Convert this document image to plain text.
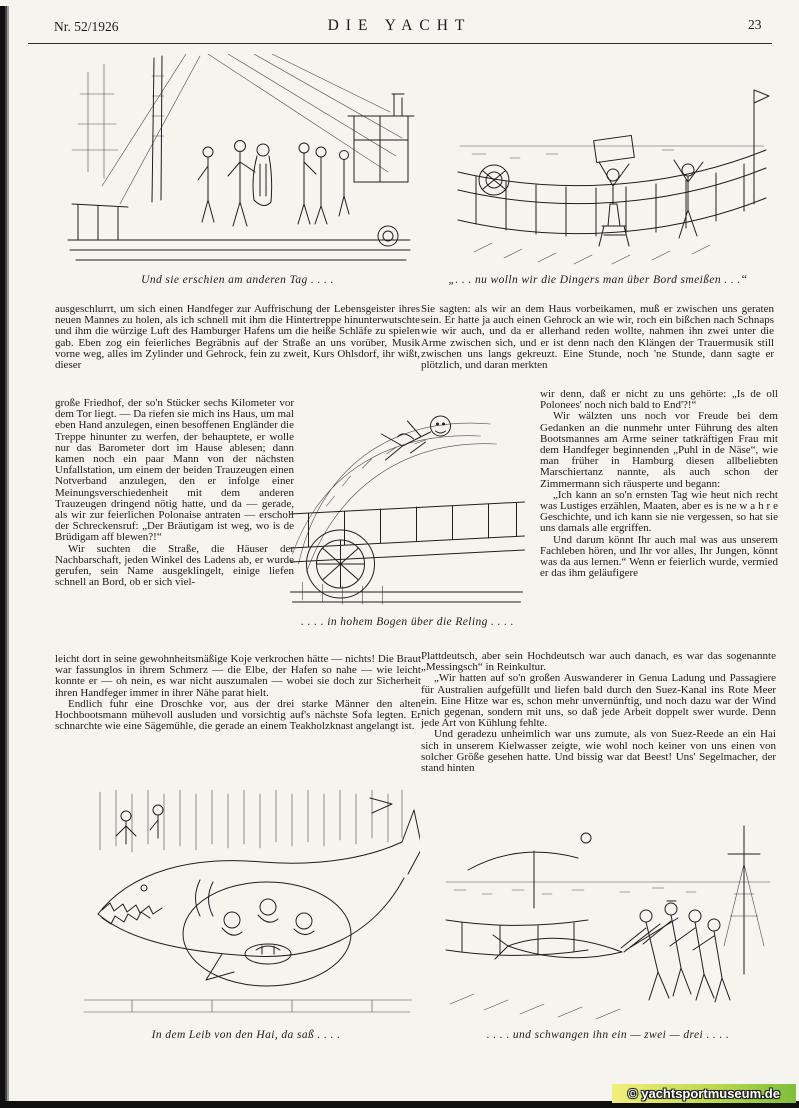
Nr. 52/1926	DIE YACHT	23
Und sie erschien am anderen Tag . . . .	„. . . nu wolln wir die Dingers man über Bord smeißen . . .“

ausgeschlurrt, um sich einen Handfeger zur Auffrischung der Lebensgeister ihres neuen Mannes zu holen, als ich schnell mit ihm die Hintertreppe hinunterwutschte und ihm die würzige Luft des Hamburger Hafens um die heiße Schläfe zu spielen gab. Eben zog ein feierliches Begräbnis auf der Straße an uns vorüber, Musik vorne weg, alles im Zylinder und Gehrock, fein zu zweit, Kurs Ohlsdorf, ihr wißt, dieser

Sie sagten: als wir an dem Haus vorbeikamen, muß er zwischen uns geraten sein. Er hatte ja auch einen Gehrock an wie wir, roch ein bißchen nach Schnaps wie wir auch, und da er allerhand reden wollte, nahmen ihn zwei unter die Arme zwischen sich, und er ist denn nach den Klängen der Trauermusik still zwischen uns langs gekreuzt. Eine Stunde, noch 'ne Stunde, dann sagte er plötzlich, und daran merkten

große Friedhof, der so'n Stücker sechs Kilometer vor dem Tor liegt. — Da riefen sie mich ins Haus, um mal eben Hand anzulegen, einen besoffenen Engländer die Treppe hinunter zu werfen, der behauptete, er wolle nur das Barometer dort im Hause ablesen; dann kamen noch ein paar Mann von der nächsten Unfallstation, um einem der beiden Trauzeugen einen Notverband anzulegen, den er infolge einer Meinungsverschiedenheit mit dem anderen Trauzeugen dringend nötig hatte, und da — gerade, als wir zur feierlichen Polonaise antraten — erscholl der Schreckensruf: „Der Bräutigam ist weg, wo is de Brüdigam aff blewen?!“

Wir suchten die Straße, die Häuser der Nachbarschaft, jeden Winkel des Ladens ab, er wurde gerufen, sein Name ausgeklingelt, einige liefen schnell an Bord, ob er sich viel-

. . . . in hohem Bogen über die Reling . . . .

wir denn, daß er nicht zu uns gehörte: „Is de oll Polonees' noch nich bald to End'?!“

Wir wälzten uns noch vor Freude bei dem Gedanken an die nunmehr unter Führung des alten Bootsmannes am Arme seiner tatkräftigen Frau mit dem Handfeger beginnenden „Puhl in de Näse“, wie man früher in Hamburg diesen allbeliebten Marschiertanz nannte, als auch schon der Zimmermann sich räusperte und begann:

„Ich kann an so'n ernsten Tag wie heut nich recht was Lustiges erzählen, Maaten, aber es is ne w a h r e Geschichte, und ich kann sie nie vergessen, so hat sie uns damals alle ergriffen.

Und darum könnt Ihr auch mal was aus unserem Fachleben hören, und Ihr vor alles, Ihr Jungen, könnt was da aus lernen.“ Wenn er feierlich wurde, vermied er das ihm geläufigere

leicht dort in seine gewohnheitsmäßige Koje verkrochen hätte — nichts! Die Braut war fassunglos in ihrem Schmerz — die Elbe, der Hafen so nahe — wie leicht konnte er — oh nein, es war nicht auszumalen — wobei sie doch zur Sicherheit ihren Handfeger immer in ihrer Nähe parat hielt.

Endlich fuhr eine Droschke vor, aus der drei starke Männer den alten Hochbootsmann mühevoll ausluden und vorsichtig auf's nächste Sofa legten. Er schnarchte wie eine Sägemühle, die gerade an einem Teakholzknast angelangt ist.

Plattdeutsch, aber sein Hochdeutsch war auch danach, es war das sogenannte „Messingsch“ in Reinkultur.

„Wir hatten auf so'n großen Auswanderer in Genua Ladung und Passagiere für Australien aufgefüllt und liefen bald durch den Suez-Kanal ins Rote Meer ein. Eine Hitze war es, schon mehr unvernünftig, und noch dazu war der Wind nich gegenan, sondern mit uns, so daß jede Arbeit doppelt swer wurde. Denn jede Art von Kühlung fehlte.

Und geradezu unheimlich war uns zumute, als von Suez-Reede an ein Hai sich in unserem Kielwasser zeigte, wie wohl noch keiner von uns einen von solcher Größe gesehen hatte. Und bissig war dat Beest! Uns' Segelmacher, der stand hinten

In dem Leib von den Hai, da saß . . . .	. . . . und schwangen ihn ein — zwei — drei . . . .
© yachtsportmuseum.de
